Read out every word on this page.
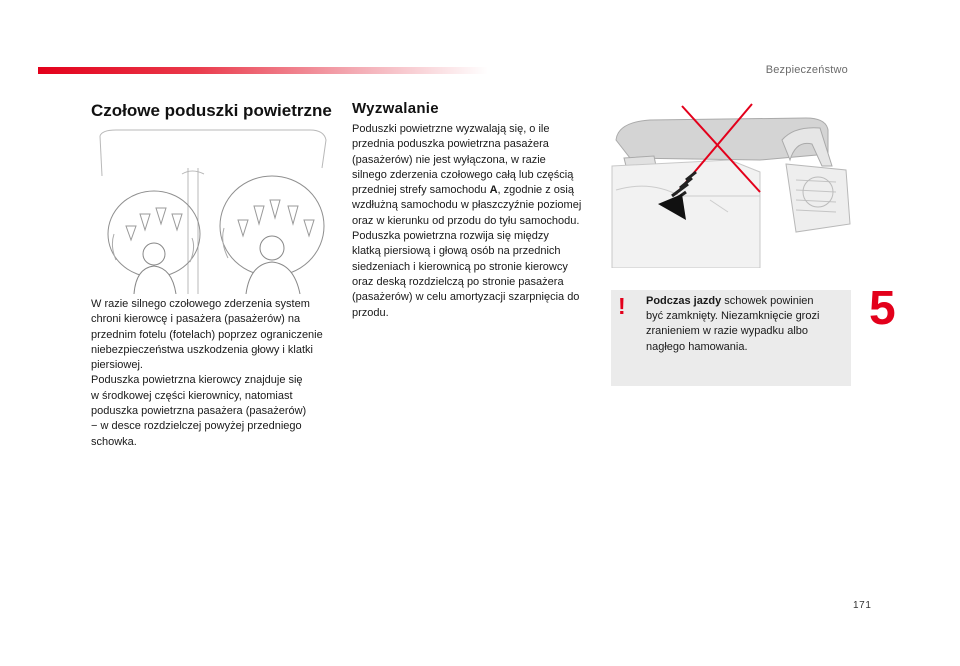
Bezpieczeństwo
Czołowe poduszki powietrzne Wyzwalanie

W razie silnego czołowego zderzenia system

chroni kierowcę i pasażera (pasażerów) na

przednim fotelu (fotelach) poprzez ograniczenie

niebezpieczeństwa uszkodzenia głowy i klatki

piersiowej.

Poduszka powietrzna kierowcy znajduje się

w środkowej części kierownicy, natomiast

poduszka powietrzna pasażera (pasażerów)

− w desce rozdzielczej powyżej przedniego

schowka.

Poduszki powietrzne wyzwalają się, o ile

przednia poduszka powietrzna pasażera

(pasażerów) nie jest wyłączona, w razie

silnego zderzenia czołowego całą lub częścią

przedniej strefy samochodu A, zgodnie z osią

wzdłużną samochodu w płaszczyźnie poziomej

oraz w kierunku od przodu do tyłu samochodu.

Poduszka powietrzna rozwija się między

klatką piersiową i głową osób na przednich

siedzeniach i kierownicą po stronie kierowcy

oraz deską rozdzielczą po stronie pasażera

(pasażerów) w celu amortyzacji szarpnięcia do

przodu.	! Podczas jazdy schowek powinien
być zamknięty. Niezamknięcie grozi
zranieniem w razie wypadku albo
nagłego hamowania.
5
171
